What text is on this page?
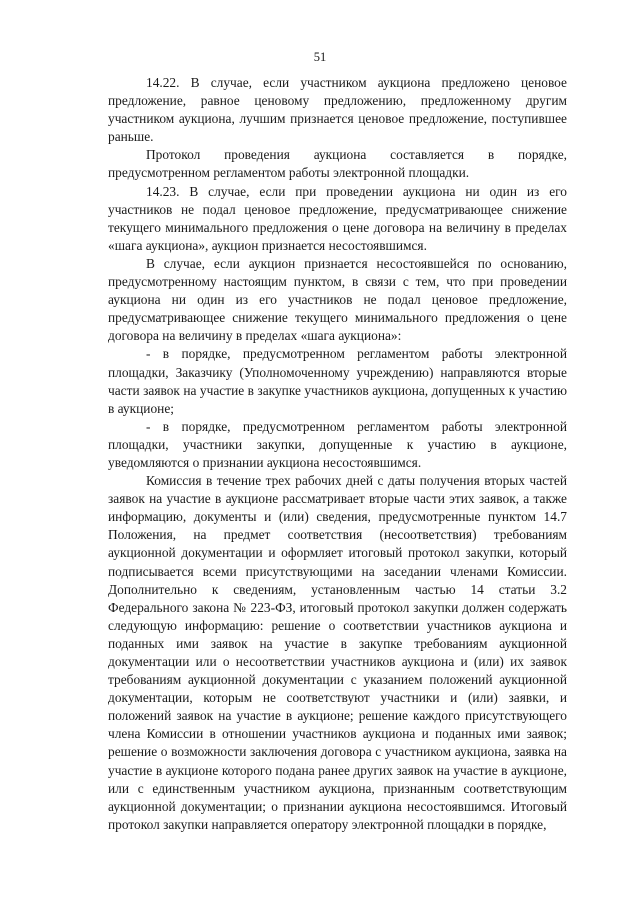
51

14.22. В случае, если участником аукциона предложено ценовое предложение, равное ценовому предложению, предложенному другим участником аукциона, лучшим признается ценовое предложение, поступившее раньше.

Протокол проведения аукциона составляется в порядке, предусмотренном регламентом работы электронной площадки.

14.23. В случае, если при проведении аукциона ни один из его участников не подал ценовое предложение, предусматривающее снижение текущего минимального предложения о цене договора на величину в пределах «шага аукциона», аукцион признается несостоявшимся.

В случае, если аукцион признается несостоявшейся по основанию, предусмотренному настоящим пунктом, в связи с тем, что при проведении аукциона ни один из его участников не подал ценовое предложение, предусматривающее снижение текущего минимального предложения о цене договора на величину в пределах «шага аукциона»:

- в порядке, предусмотренном регламентом работы электронной площадки, Заказчику (Уполномоченному учреждению) направляются вторые части заявок на участие в закупке участников аукциона, допущенных к участию в аукционе;

- в порядке, предусмотренном регламентом работы электронной площадки, участники закупки, допущенные к участию в аукционе, уведомляются о признании аукциона несостоявшимся.

Комиссия в течение трех рабочих дней с даты получения вторых частей заявок на участие в аукционе рассматривает вторые части этих заявок, а также информацию, документы и (или) сведения, предусмотренные пунктом 14.7 Положения, на предмет соответствия (несоответствия) требованиям аукционной документации и оформляет итоговый протокол закупки, который подписывается всеми присутствующими на заседании членами Комиссии. Дополнительно к сведениям, установленным частью 14 статьи 3.2 Федерального закона № 223-ФЗ, итоговый протокол закупки должен содержать следующую информацию: решение о соответствии участников аукциона и поданных ими заявок на участие в закупке требованиям аукционной документации или о несоответствии участников аукциона и (или) их заявок требованиям аукционной документации с указанием положений аукционной документации, которым не соответствуют участники и (или) заявки, и положений заявок на участие в аукционе; решение каждого присутствующего члена Комиссии в отношении участников аукциона и поданных ими заявок; решение о возможности заключения договора с участником аукциона, заявка на участие в аукционе которого подана ранее других заявок на участие в аукционе, или с единственным участником аукциона, признанным соответствующим аукционной документации; о признании аукциона несостоявшимся. Итоговый протокол закупки направляется оператору электронной площадки в порядке,
